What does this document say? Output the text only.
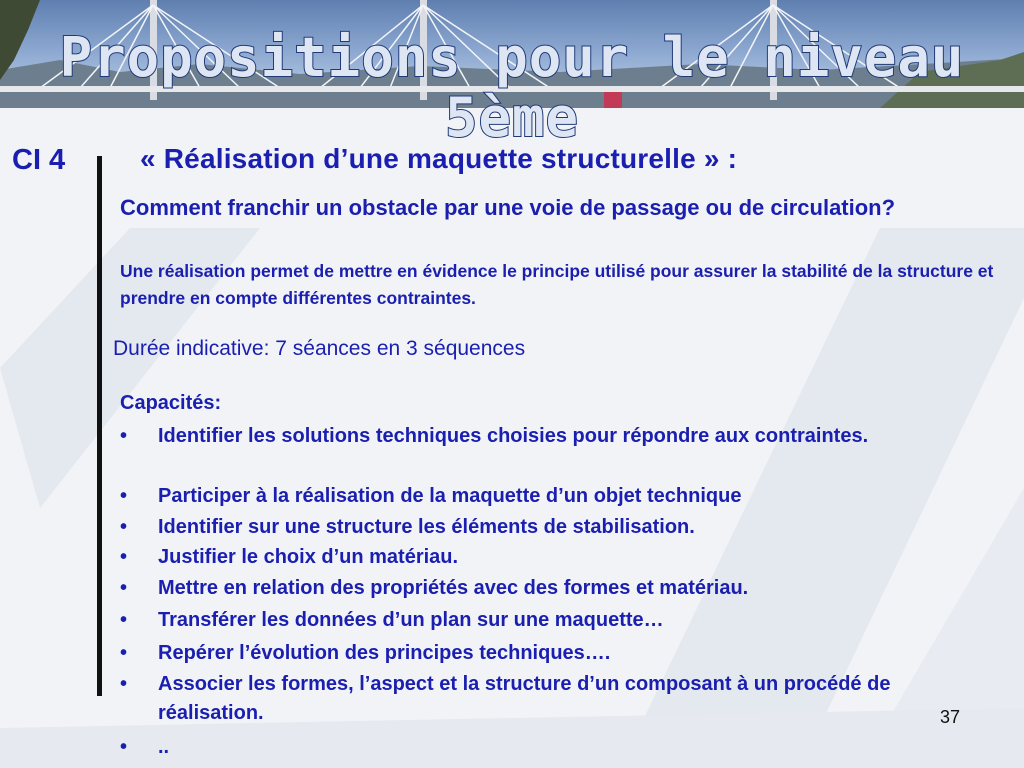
Propositions pour le niveau 5ème
CI 4	« Réalisation d’une maquette structurelle » :
Comment franchir un obstacle par une voie de passage ou de circulation?
Une réalisation permet de mettre en évidence le principe utilisé pour assurer la stabilité de la structure et prendre en compte différentes contraintes.
Durée indicative: 7 séances en 3 séquences
Capacités:
•	Identifier les solutions techniques choisies pour répondre aux contraintes.
•	Participer à la réalisation de la maquette d’un objet technique
•	Identifier sur une structure les éléments de stabilisation.
•	Justifier le choix d’un matériau.
•	Mettre en relation des propriétés avec des formes et matériau.
•	Transférer les données d’un plan sur une maquette…
•	Repérer l’évolution des principes techniques….
•	Associer les formes, l’aspect et la structure d’un composant à un procédé de réalisation.
•	..
37
